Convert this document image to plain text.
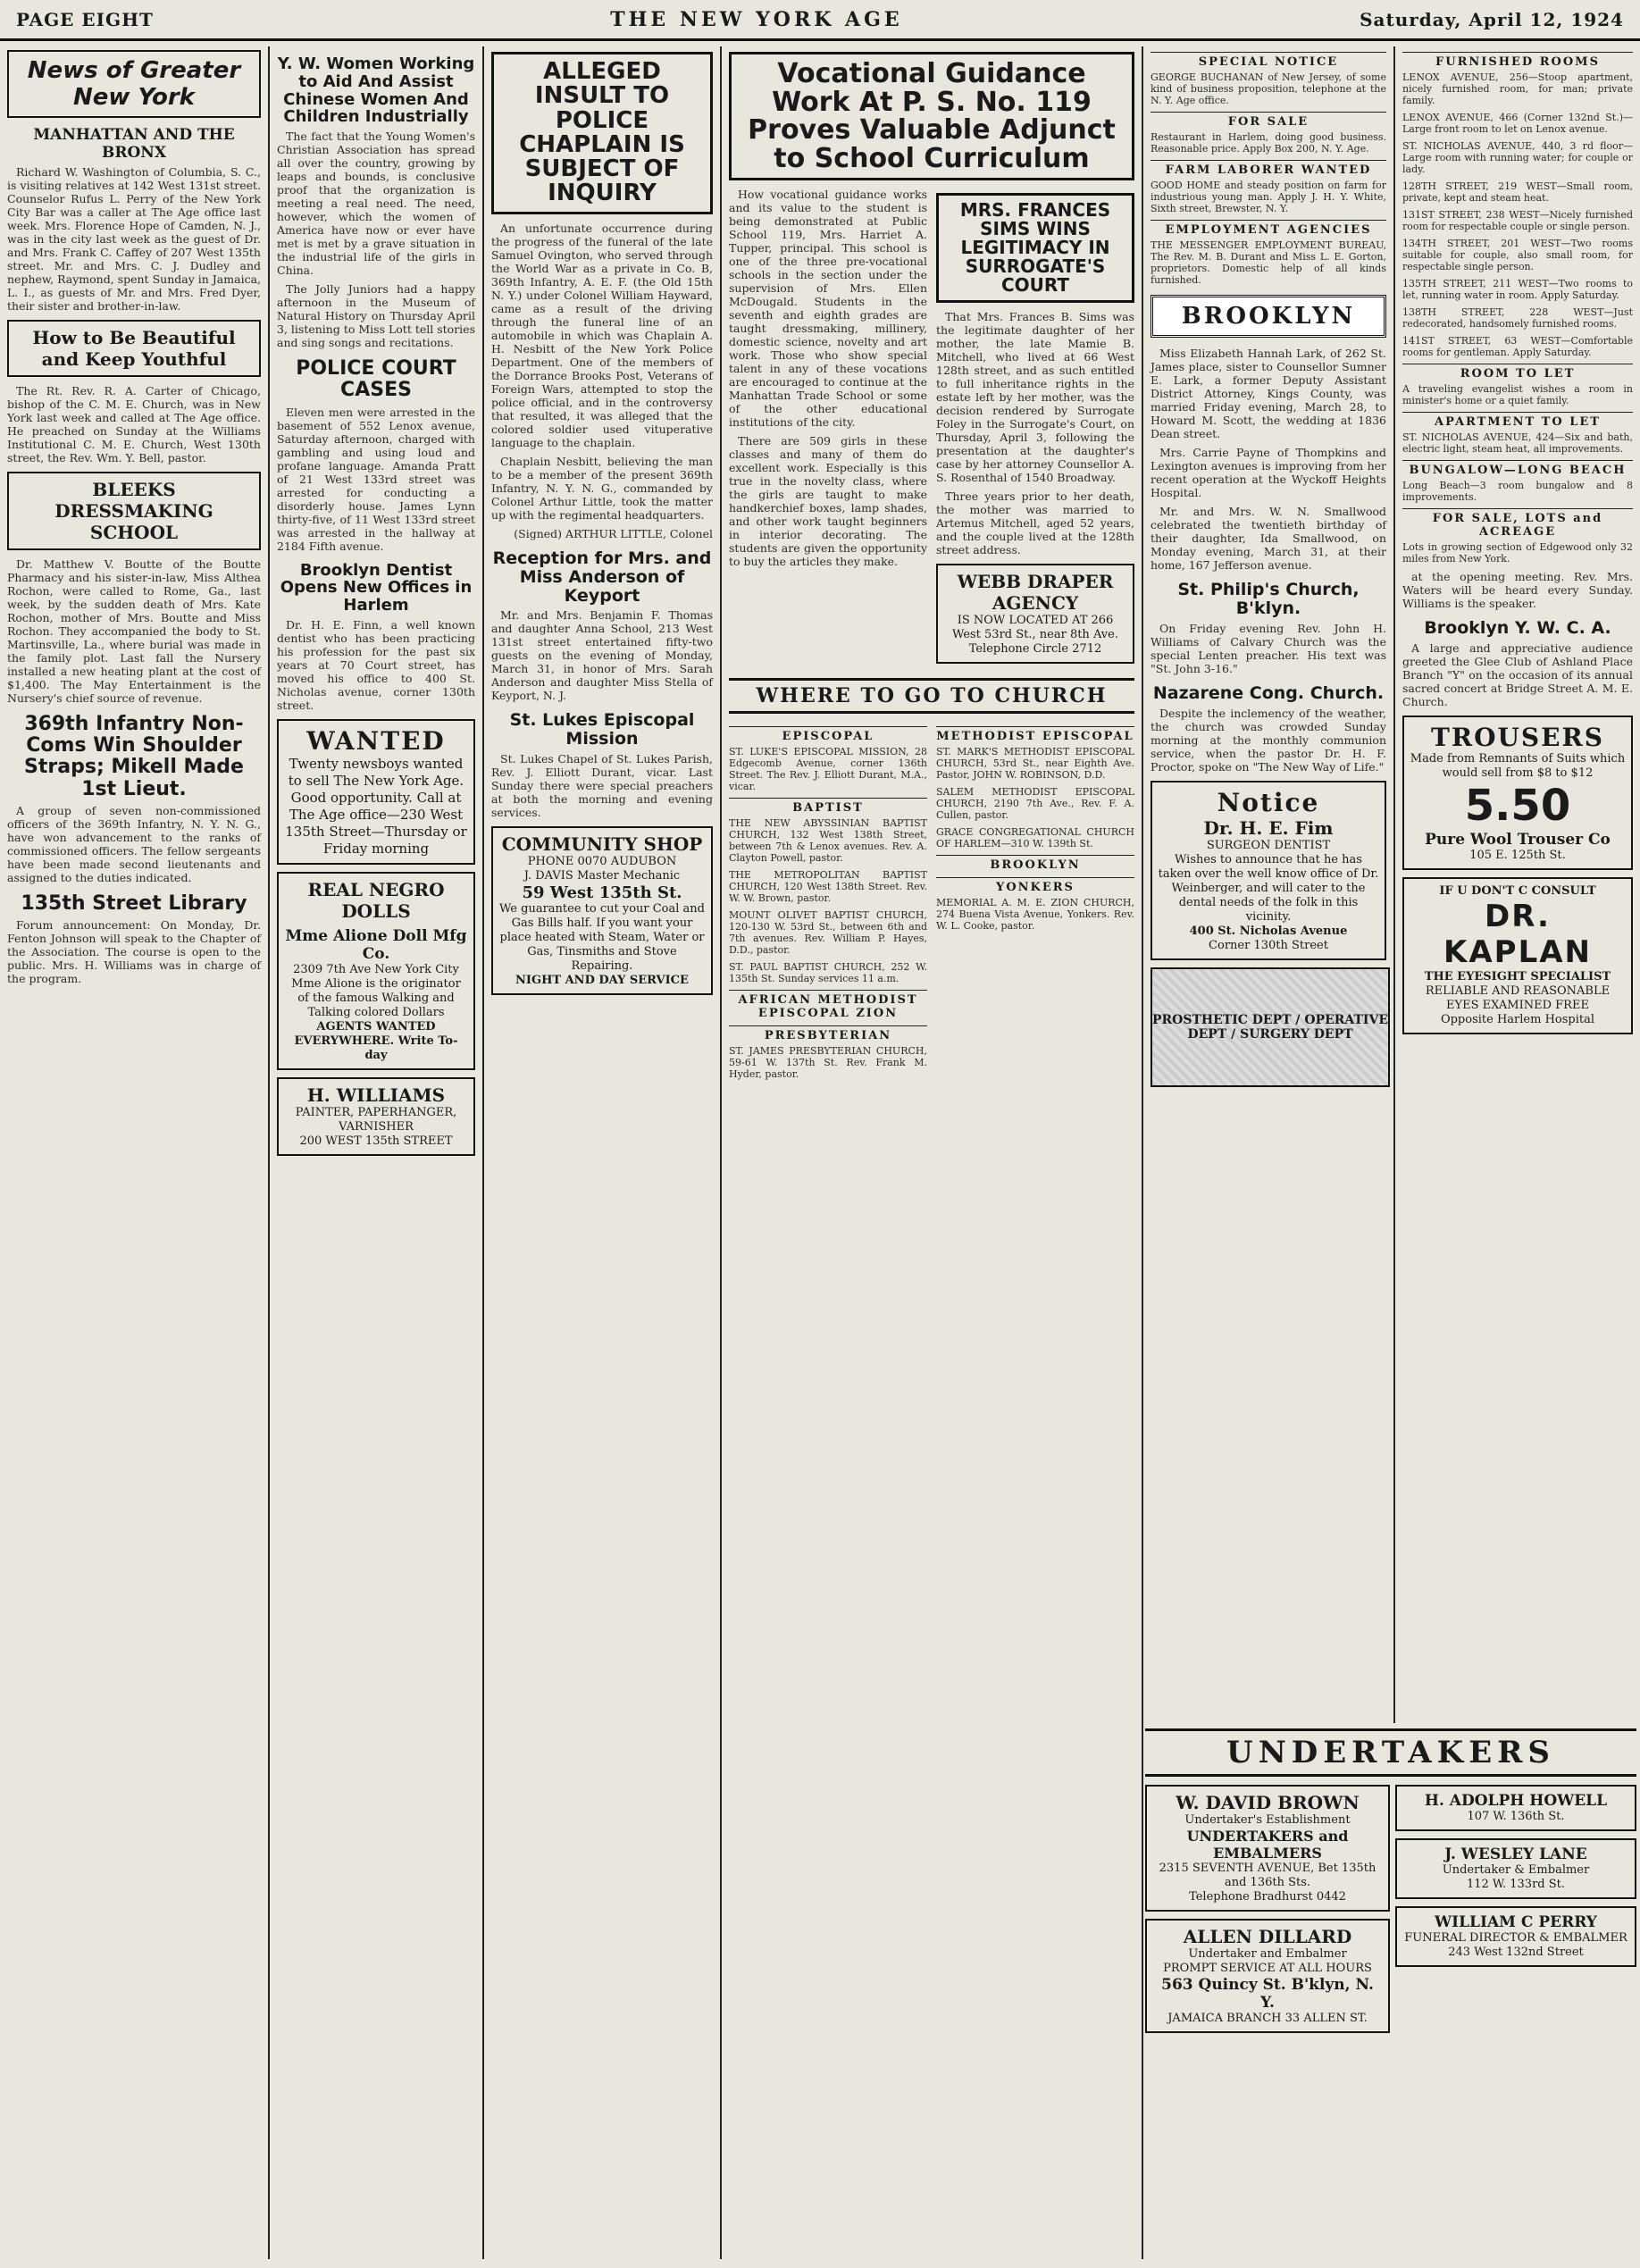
PAGE EIGHT	THE NEW YORK AGE	Saturday, April 12, 1924
News of Greater New York
MANHATTAN AND THE BRONX

Richard W. Washington of Columbia, S. C., is visiting relatives at 142 West 131st street. Counselor Rufus L. Perry of the New York City Bar was a caller at The Age office last week. Mrs. Florence Hope of Camden, N. J., was in the city last week as the guest of Dr. and Mrs. Frank C. Caffey of 207 West 135th street. Mr. and Mrs. C. J. Dudley and nephew, Raymond, spent Sunday in Jamaica, L. I., as guests of Mr. and Mrs. Fred Dyer, their sister and brother-in-law.

How to Be Beautiful and Keep Youthful

The Rt. Rev. R. A. Carter of Chicago, bishop of the C. M. E. Church, was in New York last week and called at The Age office. He preached on Sunday at the Williams Institutional C. M. E. Church, West 130th street, the Rev. Wm. Y. Bell, pastor.

BLEEKS DRESSMAKING SCHOOL

Dr. Matthew V. Boutte of the Boutte Pharmacy and his sister-in-law, Miss Althea Rochon, were called to Rome, Ga., last week, by the sudden death of Mrs. Kate Rochon, mother of Mrs. Boutte and Miss Rochon. They accompanied the body to St. Martinsville, La., where burial was made in the family plot. Last fall the Nursery installed a new heating plant at the cost of $1,400. The May Entertainment is the Nursery's chief source of revenue.

369th Infantry Non-Coms Win Shoulder Straps; Mikell Made 1st Lieut.

A group of seven non-commissioned officers of the 369th Infantry, N. Y. N. G., have won advancement to the ranks of commissioned officers. The fellow sergeants have been made second lieutenants and assigned to the duties indicated.

135th Street Library

Forum announcement: On Monday, Dr. Fenton Johnson will speak to the Chapter of the Association. The course is open to the public. Mrs. H. Williams was in charge of the program.

Y. W. Women Working to Aid And Assist Chinese Women And Children Industrially

The fact that the Young Women's Christian Association has spread all over the country, growing by leaps and bounds, is conclusive proof that the organization is meeting a real need. The need, however, which the women of America have now or ever have met is met by a grave situation in the industrial life of the girls in China.

The Jolly Juniors had a happy afternoon in the Museum of Natural History on Thursday April 3, listening to Miss Lott tell stories and sing songs and recitations.

POLICE COURT CASES

Eleven men were arrested in the basement of 552 Lenox avenue, Saturday afternoon, charged with gambling and using loud and profane language. Amanda Pratt of 21 West 133rd street was arrested for conducting a disorderly house. James Lynn thirty-five, of 11 West 133rd street was arrested in the hallway at 2184 Fifth avenue.

Brooklyn Dentist Opens New Offices in Harlem

Dr. H. E. Finn, a well known dentist who has been practicing his profession for the past six years at 70 Court street, has moved his office to 400 St. Nicholas avenue, corner 130th street.

WANTED
Twenty newsboys wanted to sell The New York Age. Good opportunity. Call at The Age office—230 West 135th Street—Thursday or Friday morning
REAL NEGRO DOLLS
Mme Alione Doll Mfg Co.
2309 7th Ave New York City
Mme Alione is the originator of the famous Walking and Talking colored Dollars
AGENTS WANTED EVERYWHERE. Write To-day
H. WILLIAMS
PAINTER, PAPERHANGER, VARNISHER
200 WEST 135th STREET
ALLEGED INSULT TO POLICE CHAPLAIN IS SUBJECT OF INQUIRY

An unfortunate occurrence during the progress of the funeral of the late Samuel Ovington, who served through the World War as a private in Co. B, 369th Infantry, A. E. F. (the Old 15th N. Y.) under Colonel William Hayward, came as a result of the driving through the funeral line of an automobile in which was Chaplain A. H. Nesbitt of the New York Police Department. One of the members of the Dorrance Brooks Post, Veterans of Foreign Wars, attempted to stop the police official, and in the controversy that resulted, it was alleged that the colored soldier used vituperative language to the chaplain.

Chaplain Nesbitt, believing the man to be a member of the present 369th Infantry, N. Y. N. G., commanded by Colonel Arthur Little, took the matter up with the regimental headquarters.

(Signed) ARTHUR LITTLE, Colonel

Reception for Mrs. and Miss Anderson of Keyport

Mr. and Mrs. Benjamin F. Thomas and daughter Anna School, 213 West 131st street entertained fifty-two guests on the evening of Monday, March 31, in honor of Mrs. Sarah Anderson and daughter Miss Stella of Keyport, N. J.

St. Lukes Episcopal Mission

St. Lukes Chapel of St. Lukes Parish, Rev. J. Elliott Durant, vicar. Last Sunday there were special preachers at both the morning and evening services.

COMMUNITY SHOP
PHONE 0070 AUDUBON
J. DAVIS Master Mechanic
59 West 135th St.
We guarantee to cut your Coal and Gas Bills half. If you want your place heated with Steam, Water or Gas, Tinsmiths and Stove Repairing.
NIGHT AND DAY SERVICE
Vocational Guidance Work At P. S. No. 119 Proves Valuable Adjunct to School Curriculum

How vocational guidance works and its value to the student is being demonstrated at Public School 119, Mrs. Harriet A. Tupper, principal. This school is one of the three pre-vocational schools in the section under the supervision of Mrs. Ellen McDougald. Students in the seventh and eighth grades are taught dressmaking, millinery, domestic science, novelty and art work. Those who show special talent in any of these vocations are encouraged to continue at the Manhattan Trade School or some of the other educational institutions of the city.

There are 509 girls in these classes and many of them do excellent work. Especially is this true in the novelty class, where the girls are taught to make handkerchief boxes, lamp shades, and other work taught beginners in interior decorating. The students are given the opportunity to buy the articles they make.

MRS. FRANCES SIMS WINS LEGITIMACY IN SURROGATE'S COURT

That Mrs. Frances B. Sims was the legitimate daughter of her mother, the late Mamie B. Mitchell, who lived at 66 West 128th street, and as such entitled to full inheritance rights in the estate left by her mother, was the decision rendered by Surrogate Foley in the Surrogate's Court, on Thursday, April 3, following the presentation at the daughter's case by her attorney Counsellor A. S. Rosenthal of 1540 Broadway.

Three years prior to her death, the mother was married to Artemus Mitchell, aged 52 years, and the couple lived at the 128th street address.

WEBB DRAPER AGENCY
IS NOW LOCATED AT 266 West 53rd St., near 8th Ave.
Telephone Circle 2712
WHERE TO GO TO CHURCH
EPISCOPAL

ST. LUKE'S EPISCOPAL MISSION, 28 Edgecomb Avenue, corner 136th Street. The Rev. J. Elliott Durant, M.A., vicar.

BAPTIST

THE NEW ABYSSINIAN BAPTIST CHURCH, 132 West 138th Street, between 7th & Lenox avenues. Rev. A. Clayton Powell, pastor.

THE METROPOLITAN BAPTIST CHURCH, 120 West 138th Street. Rev. W. W. Brown, pastor.

MOUNT OLIVET BAPTIST CHURCH, 120-130 W. 53rd St., between 6th and 7th avenues. Rev. William P. Hayes, D.D., pastor.

ST. PAUL BAPTIST CHURCH, 252 W. 135th St. Sunday services 11 a.m.

AFRICAN METHODIST EPISCOPAL ZION
PRESBYTERIAN

ST. JAMES PRESBYTERIAN CHURCH, 59-61 W. 137th St. Rev. Frank M. Hyder, pastor.

METHODIST EPISCOPAL

ST. MARK'S METHODIST EPISCOPAL CHURCH, 53rd St., near Eighth Ave. Pastor, JOHN W. ROBINSON, D.D.

SALEM METHODIST EPISCOPAL CHURCH, 2190 7th Ave., Rev. F. A. Cullen, pastor.

GRACE CONGREGATIONAL CHURCH OF HARLEM—310 W. 139th St.

BROOKLYN
YONKERS

MEMORIAL A. M. E. ZION CHURCH, 274 Buena Vista Avenue, Yonkers. Rev. W. L. Cooke, pastor.

SPECIAL NOTICE

GEORGE BUCHANAN of New Jersey, of some kind of business proposition, telephone at the N. Y. Age office.

FOR SALE

Restaurant in Harlem, doing good business. Reasonable price. Apply Box 200, N. Y. Age.

FARM LABORER WANTED

GOOD HOME and steady position on farm for industrious young man. Apply J. H. Y. White, Sixth street, Brewster, N. Y.

EMPLOYMENT AGENCIES

THE MESSENGER EMPLOYMENT BUREAU, The Rev. M. B. Durant and Miss L. E. Gorton, proprietors. Domestic help of all kinds furnished.

BROOKLYN

Miss Elizabeth Hannah Lark, of 262 St. James place, sister to Counsellor Sumner E. Lark, a former Deputy Assistant District Attorney, Kings County, was married Friday evening, March 28, to Howard M. Scott, the wedding at 1836 Dean street.

Mrs. Carrie Payne of Thompkins and Lexington avenues is improving from her recent operation at the Wyckoff Heights Hospital.

Mr. and Mrs. W. N. Smallwood celebrated the twentieth birthday of their daughter, Ida Smallwood, on Monday evening, March 31, at their home, 167 Jefferson avenue.

St. Philip's Church, B'klyn.

On Friday evening Rev. John H. Williams of Calvary Church was the special Lenten preacher. His text was "St. John 3-16."

Nazarene Cong. Church.

Despite the inclemency of the weather, the church was crowded Sunday morning at the monthly communion service, when the pastor Dr. H. F. Proctor, spoke on "The New Way of Life."

Notice
Dr. H. E. Fim
SURGEON DENTIST
Wishes to announce that he has taken over the well know office of Dr. Weinberger, and will cater to the dental needs of the folk in this vicinity.
400 St. Nicholas Avenue
Corner 130th Street
PROSTHETIC DEPT / OPERATIVE DEPT / SURGERY DEPT
FURNISHED ROOMS

LENOX AVENUE, 256—Stoop apartment, nicely furnished room, for man; private family.

LENOX AVENUE, 466 (Corner 132nd St.)—Large front room to let on Lenox avenue.

ST. NICHOLAS AVENUE, 440, 3 rd floor—Large room with running water; for couple or lady.

128TH STREET, 219 WEST—Small room, private, kept and steam heat.

131ST STREET, 238 WEST—Nicely furnished room for respectable couple or single person.

134TH STREET, 201 WEST—Two rooms suitable for couple, also small room, for respectable single person.

135TH STREET, 211 WEST—Two rooms to let, running water in room. Apply Saturday.

138TH STREET, 228 WEST—Just redecorated, handsomely furnished rooms.

141ST STREET, 63 WEST—Comfortable rooms for gentleman. Apply Saturday.

ROOM TO LET

A traveling evangelist wishes a room in minister's home or a quiet family.

APARTMENT TO LET

ST. NICHOLAS AVENUE, 424—Six and bath, electric light, steam heat, all improvements.

BUNGALOW—LONG BEACH

Long Beach—3 room bungalow and 8 improvements.

FOR SALE, LOTS and ACREAGE

Lots in growing section of Edgewood only 32 miles from New York.

at the opening meeting. Rev. Mrs. Waters will be heard every Sunday. Williams is the speaker.

Brooklyn Y. W. C. A.

A large and appreciative audience greeted the Glee Club of Ashland Place Branch "Y" on the occasion of its annual sacred concert at Bridge Street A. M. E. Church.

TROUSERS
Made from Remnants of Suits which would sell from $8 to $12
5.50
Pure Wool Trouser Co
105 E. 125th St.
IF U DON'T C CONSULT
DR. KAPLAN
THE EYESIGHT SPECIALIST
RELIABLE AND REASONABLE EYES EXAMINED FREE
Opposite Harlem Hospital
UNDERTAKERS
W. DAVID BROWN
Undertaker's Establishment
UNDERTAKERS and EMBALMERS
2315 SEVENTH AVENUE, Bet 135th and 136th Sts.
Telephone Bradhurst 0442
ALLEN DILLARD
Undertaker and Embalmer
PROMPT SERVICE AT ALL HOURS
563 Quincy St. B'klyn, N. Y.
JAMAICA BRANCH 33 ALLEN ST.
H. ADOLPH HOWELL
107 W. 136th St.
J. WESLEY LANE
Undertaker & Embalmer
112 W. 133rd St.
WILLIAM C PERRY
FUNERAL DIRECTOR & EMBALMER
243 West 132nd Street
